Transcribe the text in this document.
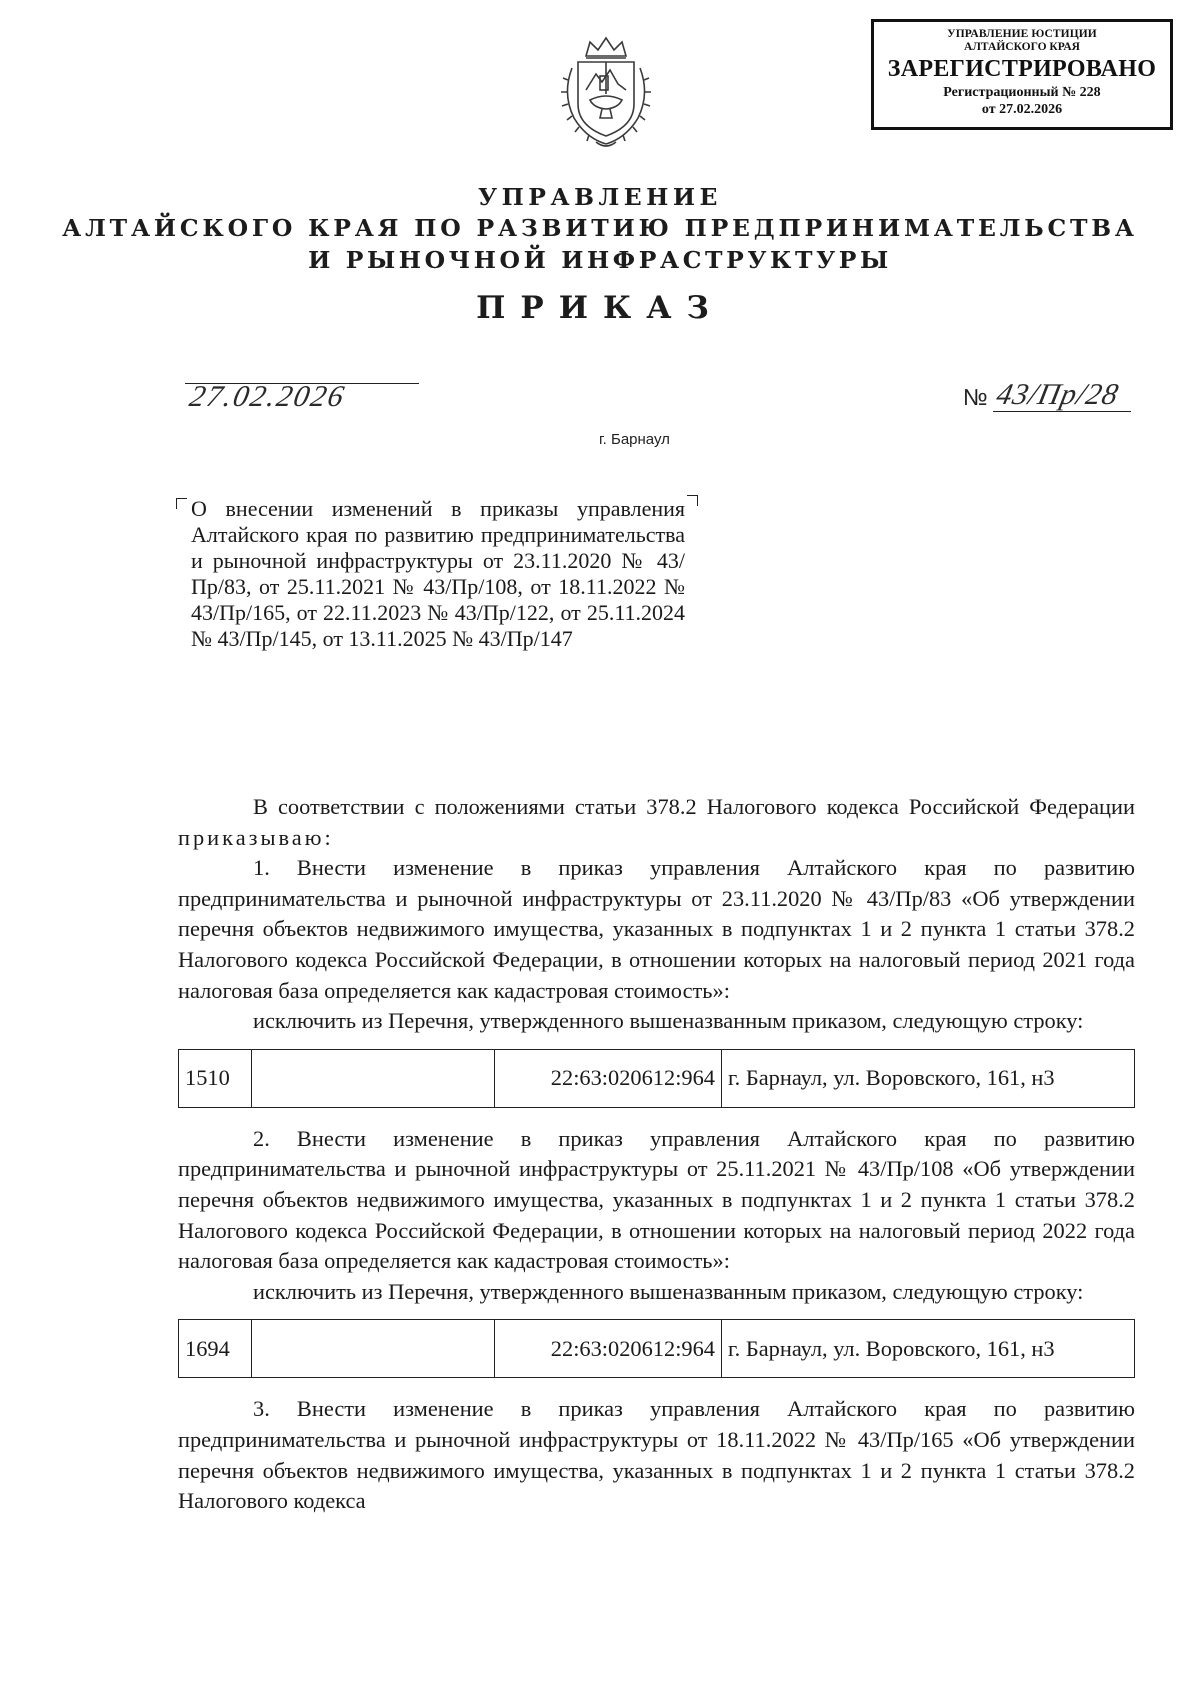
УПРАВЛЕНИЕ ЮСТИЦИИ
АЛТАЙСКОГО КРАЯ
ЗАРЕГИСТРИРОВАНО
Регистрационный № 228
от 27.02.2026
УПРАВЛЕНИЕ
АЛТАЙСКОГО КРАЯ ПО РАЗВИТИЮ ПРЕДПРИНИМАТЕЛЬСТВА
И РЫНОЧНОЙ ИНФРАСТРУКТУРЫ
ПРИКАЗ
27.02.2026	№ 43/Пр/28
г. Барнаул
О внесении изменений в приказы управления Алтайского края по развитию предпринимательства и рыночной инфраструктуры от 23.11.2020 № 43/Пр/83, от 25.11.2021 № 43/Пр/108, от 18.11.2022 № 43/Пр/165, от 22.11.2023 № 43/Пр/122, от 25.11.2024 № 43/Пр/145, от 13.11.2025 № 43/Пр/147

В соответствии с положениями статьи 378.2 Налогового кодекса Российской Федерации приказываю:

1. Внести изменение в приказ управления Алтайского края по развитию предпринимательства и рыночной инфраструктуры от 23.11.2020 № 43/Пр/83 «Об утверждении перечня объектов недвижимого имущества, указанных в подпунктах 1 и 2 пункта 1 статьи 378.2 Налогового кодекса Российской Федерации, в отношении которых на налоговый период 2021 года налоговая база определяется как кадастровая стоимость»:

исключить из Перечня, утвержденного вышеназванным приказом, следующую строку:

1510		22:63:020612:964	г. Барнаул, ул. Воровского, 161, н3

2. Внести изменение в приказ управления Алтайского края по развитию предпринимательства и рыночной инфраструктуры от 25.11.2021 № 43/Пр/108 «Об утверждении перечня объектов недвижимого имущества, указанных в подпунктах 1 и 2 пункта 1 статьи 378.2 Налогового кодекса Российской Федерации, в отношении которых на налоговый период 2022 года налоговая база определяется как кадастровая стоимость»:

исключить из Перечня, утвержденного вышеназванным приказом, следующую строку:

1694		22:63:020612:964	г. Барнаул, ул. Воровского, 161, н3

3. Внести изменение в приказ управления Алтайского края по развитию предпринимательства и рыночной инфраструктуры от 18.11.2022 № 43/Пр/165 «Об утверждении перечня объектов недвижимого имущества, указанных в подпунктах 1 и 2 пункта 1 статьи 378.2 Налогового кодекса
